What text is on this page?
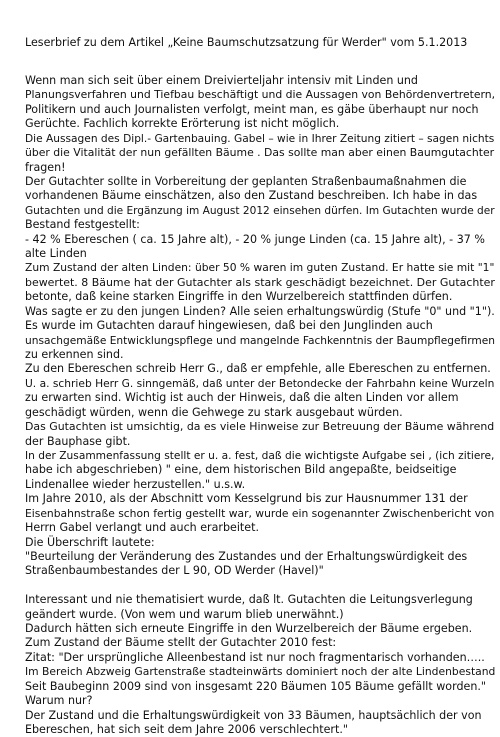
Leserbrief zu dem Artikel „Keine Baumschutzsatzung für Werder" vom 5.1.2013
Wenn man sich seit über einem Dreivierteljahr intensiv mit Linden und
Planungsverfahren und Tiefbau beschäftigt und die Aussagen von Behördenvertretern,
Politikern und auch Journalisten verfolgt, meint man, es gäbe überhaupt nur noch
Gerüchte. Fachlich korrekte Erörterung ist nicht möglich.
Die Aussagen des Dipl.- Gartenbauing. Gabel – wie in Ihrer Zeitung zitiert – sagen nichts
über die Vitalität der nun gefällten Bäume . Das sollte man aber einen Baumgutachter
fragen!
Der Gutachter sollte in Vorbereitung der geplanten Straßenbaumaßnahmen die
vorhandenen Bäume einschätzen, also den Zustand beschreiben. Ich habe in das
Gutachten und die Ergänzung im August 2012 einsehen dürfen. Im Gutachten wurde der
Bestand festgestellt:
- 42 % Ebereschen ( ca. 15 Jahre alt), - 20 % junge Linden (ca. 15 Jahre alt), - 37 %
alte Linden
Zum Zustand der alten Linden: über 50 % waren im guten Zustand. Er hatte sie mit "1"
bewertet. 8 Bäume hat der Gutachter als stark geschädigt bezeichnet. Der Gutachter
betonte, daß keine starken Eingriffe in den Wurzelbereich stattfinden dürfen.
Was sagte er zu den jungen Linden? Alle seien erhaltungswürdig (Stufe "0" und "1").
Es wurde im Gutachten darauf hingewiesen, daß bei den Junglinden auch
unsachgemäße Entwicklungspflege und mangelnde Fachkenntnis der Baumpflegefirmen
zu erkennen sind.
Zu den Ebereschen schreib Herr G., daß er empfehle, alle Ebereschen zu entfernen.
U. a. schrieb Herr G. sinngemäß, daß unter der Betondecke der Fahrbahn keine Wurzeln
zu erwarten sind. Wichtig ist auch der Hinweis, daß die alten Linden vor allem
geschädigt würden, wenn die Gehwege zu stark ausgebaut würden.
Das Gutachten ist umsichtig, da es viele Hinweise zur Betreuung der Bäume während
der Bauphase gibt.
In der Zusammenfassung stellt er u. a. fest, daß die wichtigste Aufgabe sei , (ich zitiere,
habe ich abgeschrieben) " eine, dem historischen Bild angepaßte, beidseitige
Lindenallee wieder herzustellen." u.s.w.
Im Jahre 2010, als der Abschnitt vom Kesselgrund bis zur Hausnummer 131 der
Eisenbahnstraße schon fertig gestellt war, wurde ein sogenannter Zwischenbericht von
Herrn Gabel verlangt und auch erarbeitet.
Die Überschrift lautete:
"Beurteilung der Veränderung des Zustandes und der Erhaltungswürdigkeit des
Straßenbaumbestandes der L 90, OD Werder (Havel)"
Interessant und nie thematisiert wurde, daß lt. Gutachten die Leitungsverlegung
geändert wurde. (Von wem und warum blieb unerwähnt.)
Dadurch hätten sich erneute Eingriffe in den Wurzelbereich der Bäume ergeben.
Zum Zustand der Bäume stellt der Gutachter 2010 fest:
Zitat: "Der ursprüngliche Alleenbestand ist nur noch fragmentarisch vorhanden…..
Im Bereich Abzweig Gartenstraße stadteinwärts dominiert noch der alte Lindenbestand
Seit Baubeginn 2009 sind von insgesamt 220 Bäumen 105 Bäume gefällt worden."
Warum nur?
Der Zustand und die Erhaltungswürdigkeit von 33 Bäumen, hauptsächlich der von
Ebereschen, hat sich seit dem Jahre 2006 verschlechtert."
